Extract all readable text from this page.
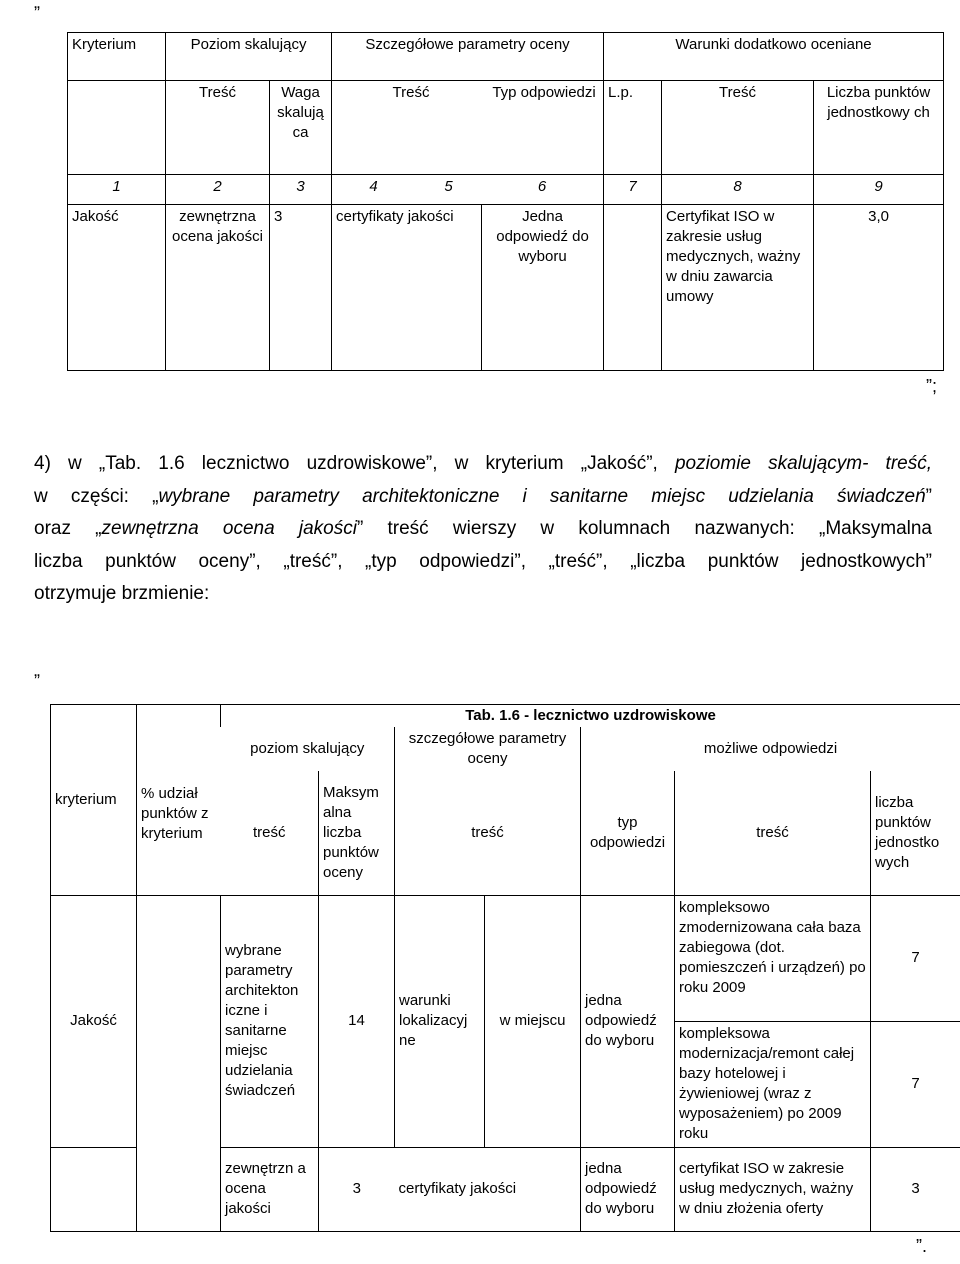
„
Kryterium	Poziom skalujący		Szczegółowe parametry oceny		Warunki dodatkowo oceniane		
	Treść	Waga skalują ca	Treść Typ odpowiedzi		L.p.	Treść	Liczba punktów jednostkowy ch
1	2	3	4 5 6		7	8	9
Jakość	zewnętrzna ocena jakości	3	certyfikaty jakości	Jedna odpowiedź do wyboru		Certyfikat ISO w zakresie usług medycznych, ważny w dniu zawarcia umowy	3,0
”;
4) w „Tab. 1.6 lecznictwo uzdrowiskowe”, w kryterium „Jakość”, poziomie skalującym- treść,
w części: „wybrane parametry architektoniczne i sanitarne miejsc udzielania świadczeń”
oraz „zewnętrzna ocena jakości” treść wierszy w kolumnach nazwanych: „Maksymalna
liczba punktów oceny”, „treść”, „typ odpowiedzi”, „treść”, „liczba punktów jednostkowych”
otrzymuje brzmienie:
„
kryterium	% udział punktów z kryterium	Tab. 1.6 - lecznictwo uzdrowiskowe						
		poziom skalujący		szczegółowe parametry oceny		możliwe odpowiedzi		
		treść	Maksym alna liczba punktów oceny	treść		typ odpowiedzi	treść	liczba punktów jednostko wych
Jakość		wybrane parametry architekton iczne i sanitarne miejsc udzielania świadczeń	14	warunki lokalizacyj ne	w miejscu	jedna odpowiedź do wyboru	kompleksowo zmodernizowana cała baza zabiegowa (dot. pomieszczeń i urządzeń) po roku 2009	7
							kompleksowa modernizacja/remont całej bazy hotelowej i żywieniowej (wraz z wyposażeniem) po 2009 roku	7
		zewnętrzn a ocena jakości	3	certyfikaty jakości		jedna odpowiedź do wyboru	certyfikat ISO w zakresie usług medycznych, ważny w dniu złożenia oferty	3
”.
